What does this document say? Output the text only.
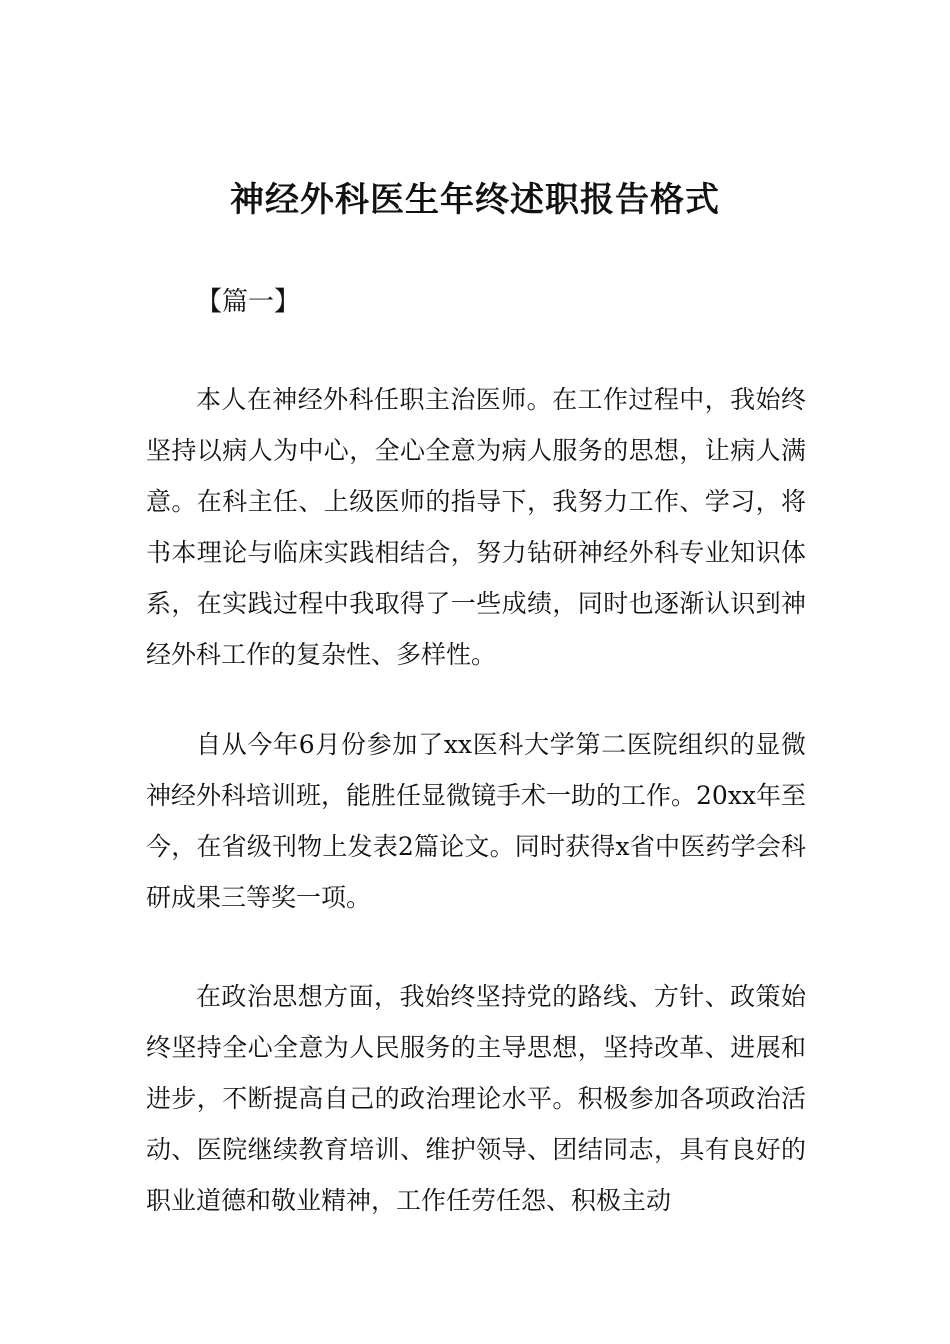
神经外科医生年终述职报告格式

【篇一】

本人在神经外科任职主治医师。在工作过程中，我始终坚持以病人为中心，全心全意为病人服务的思想，让病人满意。在科主任、上级医师的指导下，我努力工作、学习，将书本理论与临床实践相结合，努力钻研神经外科专业知识体系，在实践过程中我取得了一些成绩，同时也逐渐认识到神经外科工作的复杂性、多样性。

自从今年6月份参加了xx医科大学第二医院组织的显微神经外科培训班，能胜任显微镜手术一助的工作。20xx年至今，在省级刊物上发表2篇论文。同时获得x省中医药学会科研成果三等奖一项。

在政治思想方面，我始终坚持党的路线、方针、政策始终坚持全心全意为人民服务的主导思想，坚持改革、进展和进步，不断提高自己的政治理论水平。积极参加各项政治活动、医院继续教育培训、维护领导、团结同志，具有良好的职业道德和敬业精神，工作任劳任怨、积极主动
